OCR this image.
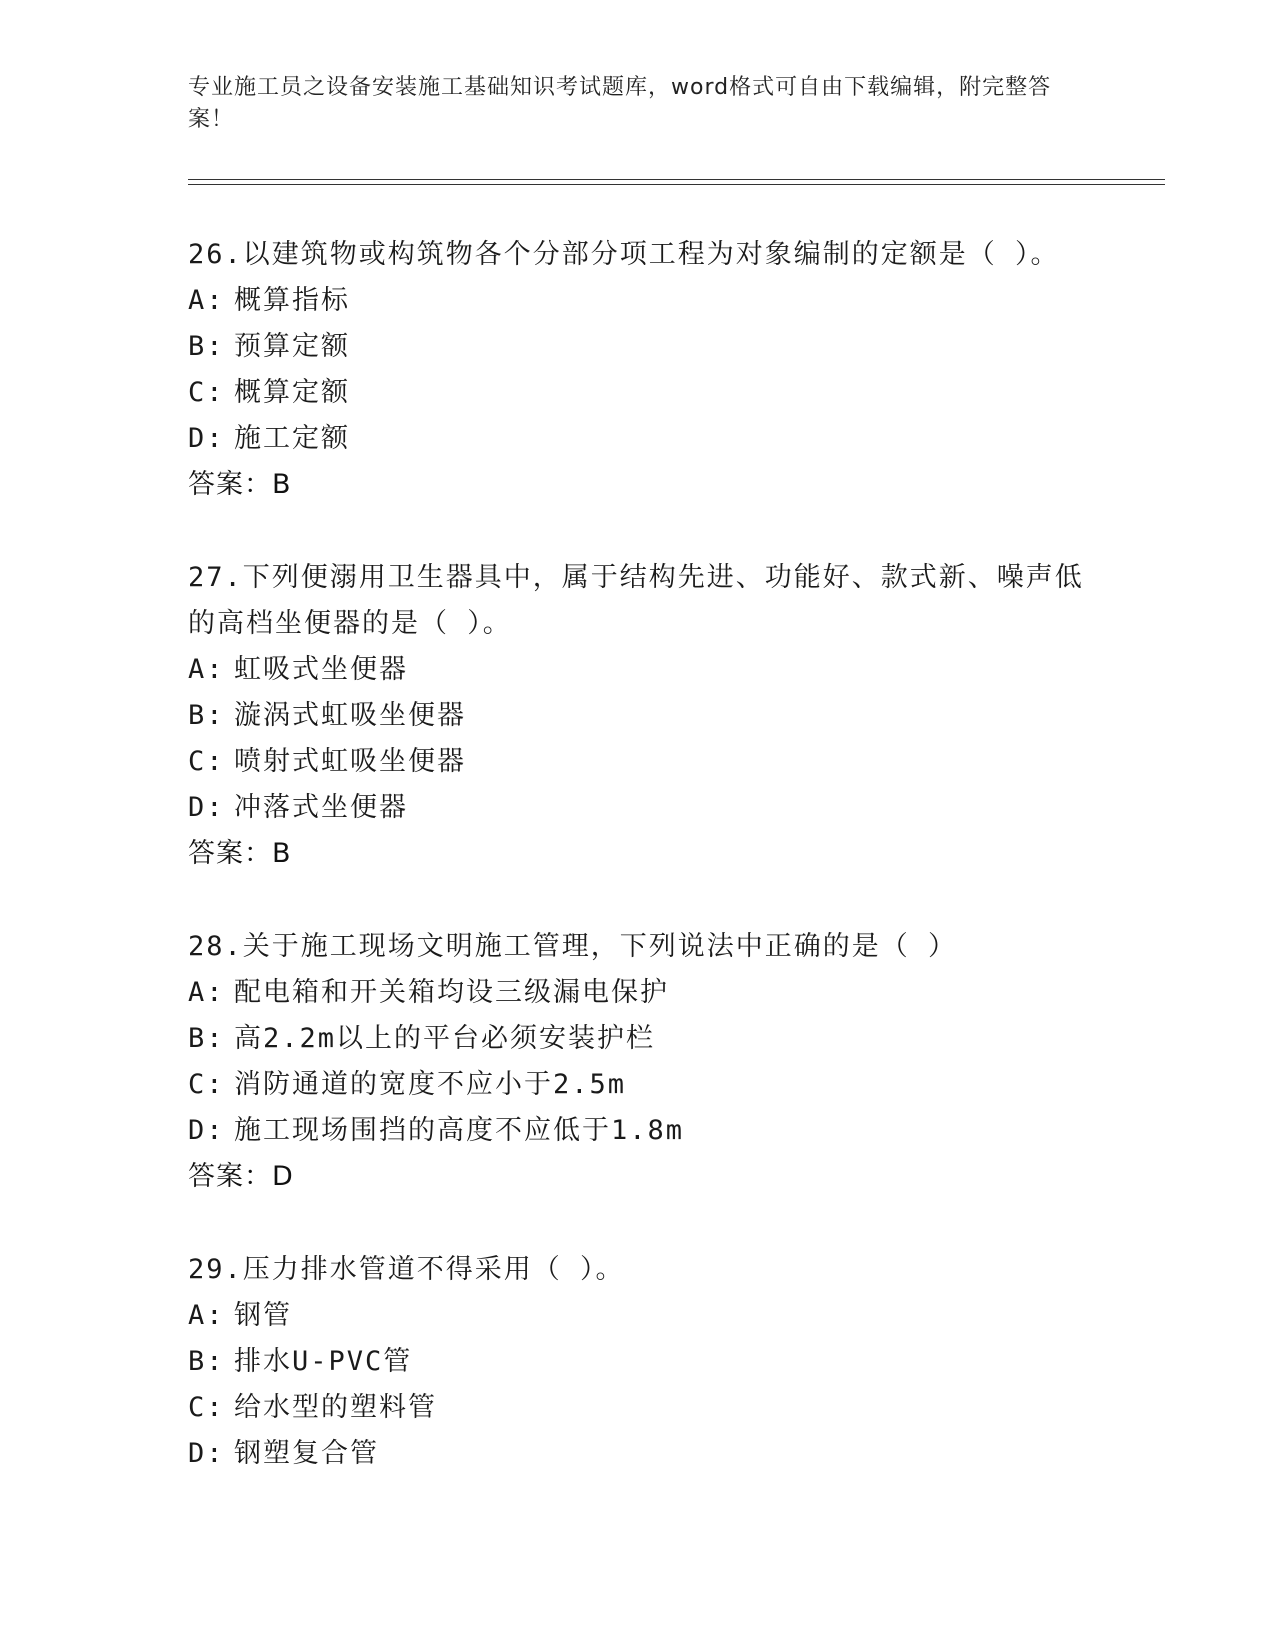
专业施工员之设备安装施工基础知识考试题库，word格式可自由下载编辑，附完整答案！
26.以建筑物或构筑物各个分部分项工程为对象编制的定额是（ ）。
A: 概算指标
B: 预算定额
C: 概算定额
D: 施工定额
答案：B
27.下列便溺用卫生器具中，属于结构先进、功能好、款式新、噪声低的高档坐便器的是（ ）。
A: 虹吸式坐便器
B: 漩涡式虹吸坐便器
C: 喷射式虹吸坐便器
D: 冲落式坐便器
答案：B
28.关于施工现场文明施工管理，下列说法中正确的是（ ）
A: 配电箱和开关箱均设三级漏电保护
B: 高2.2m以上的平台必须安装护栏
C: 消防通道的宽度不应小于2.5m
D: 施工现场围挡的高度不应低于1.8m
答案：D
29.压力排水管道不得采用（ ）。
A: 钢管
B: 排水U-PVC管
C: 给水型的塑料管
D: 钢塑复合管
